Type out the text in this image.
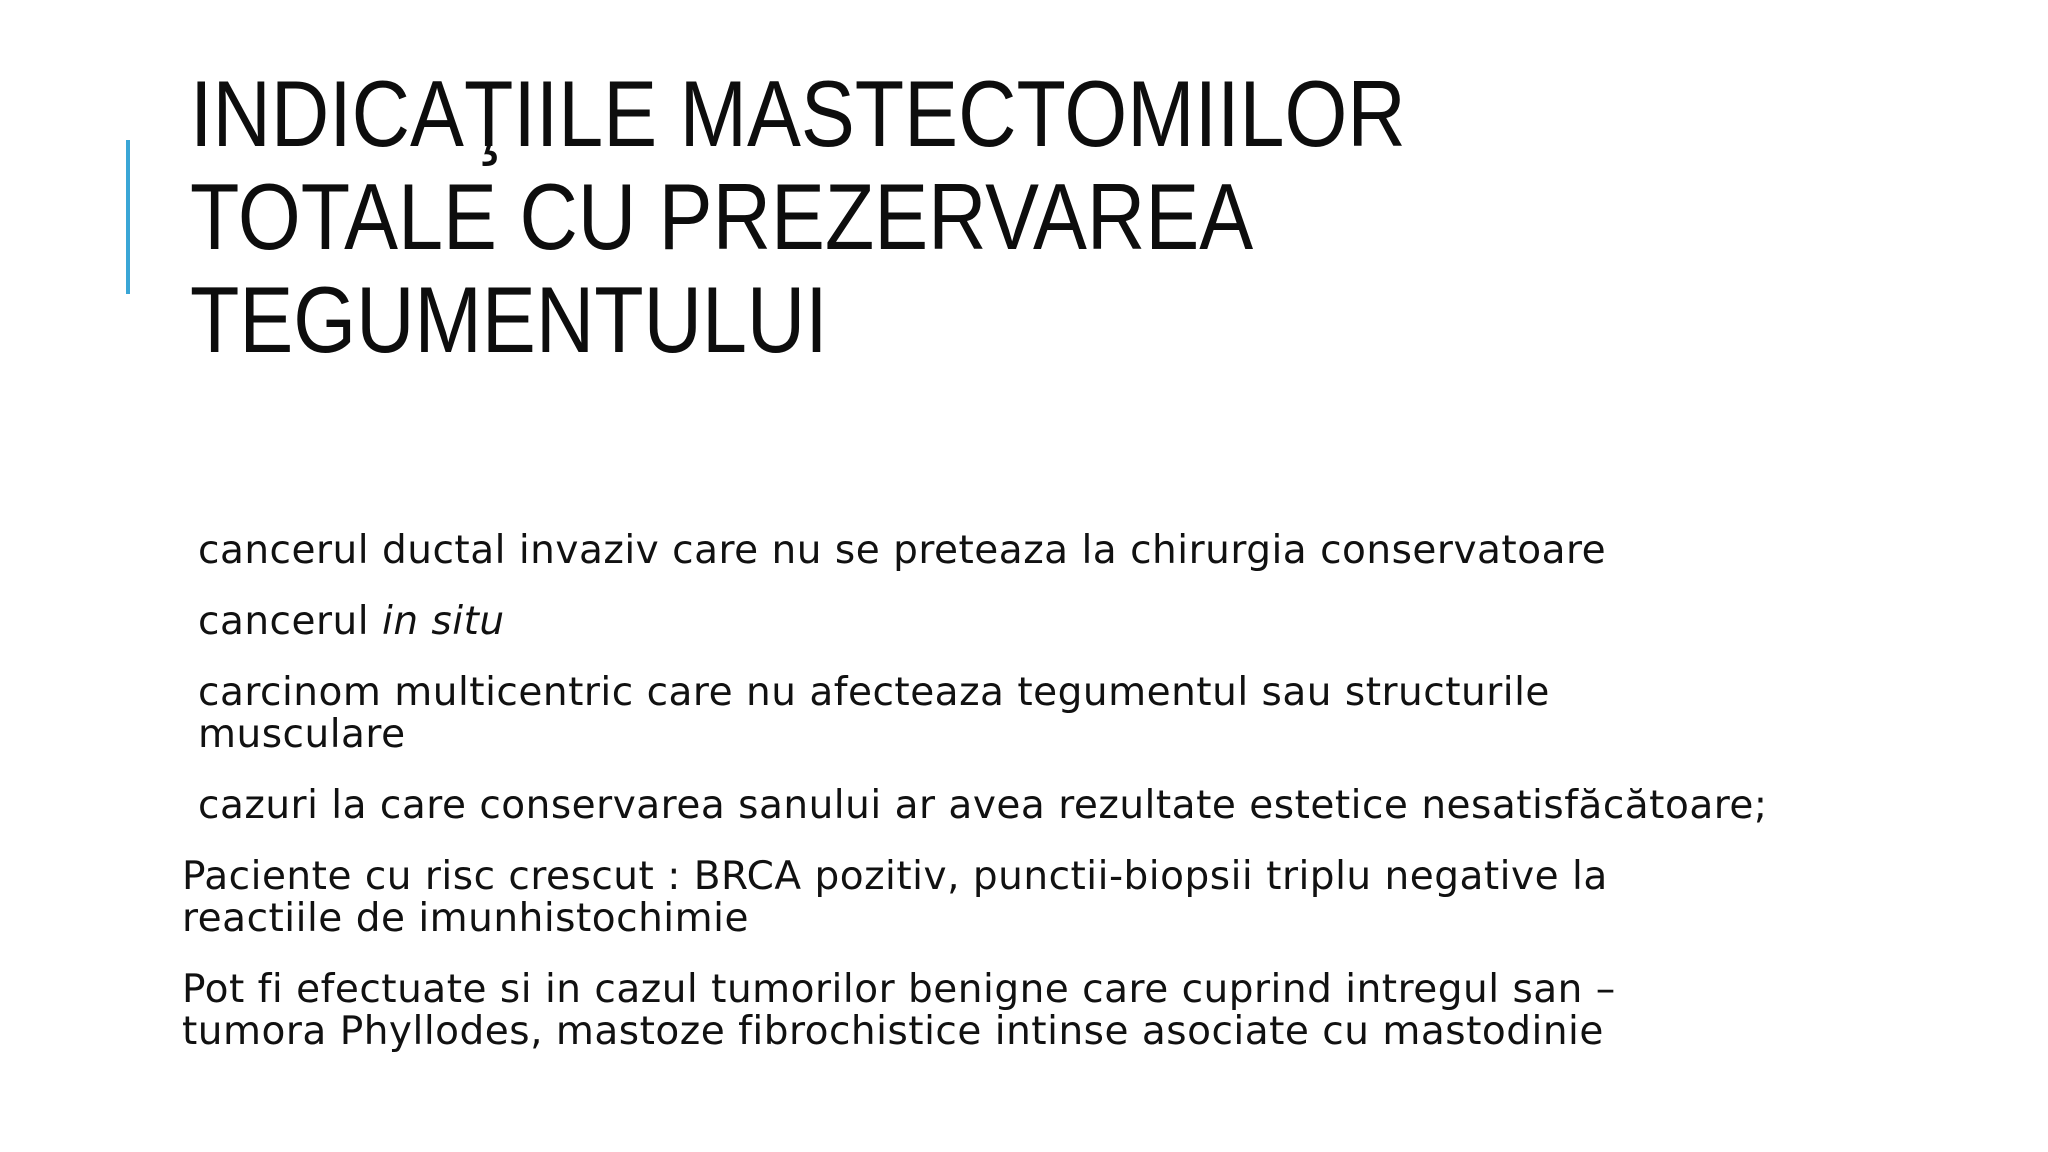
INDICAŢIILE MASTECTOMIILOR
TOTALE CU PREZERVAREA
TEGUMENTULUI

cancerul ductal invaziv care nu se preteaza la chirurgia conservatoare

cancerul in situ

carcinom multicentric care nu afecteaza tegumentul sau structurile
musculare

cazuri la care conservarea sanului ar avea rezultate estetice nesatisfăcătoare;

Paciente cu risc crescut : BRCA pozitiv, punctii-biopsii triplu negative la
reactiile de imunhistochimie

Pot fi efectuate si in cazul tumorilor benigne care cuprind intregul san –
tumora Phyllodes, mastoze fibrochistice intinse asociate cu mastodinie
